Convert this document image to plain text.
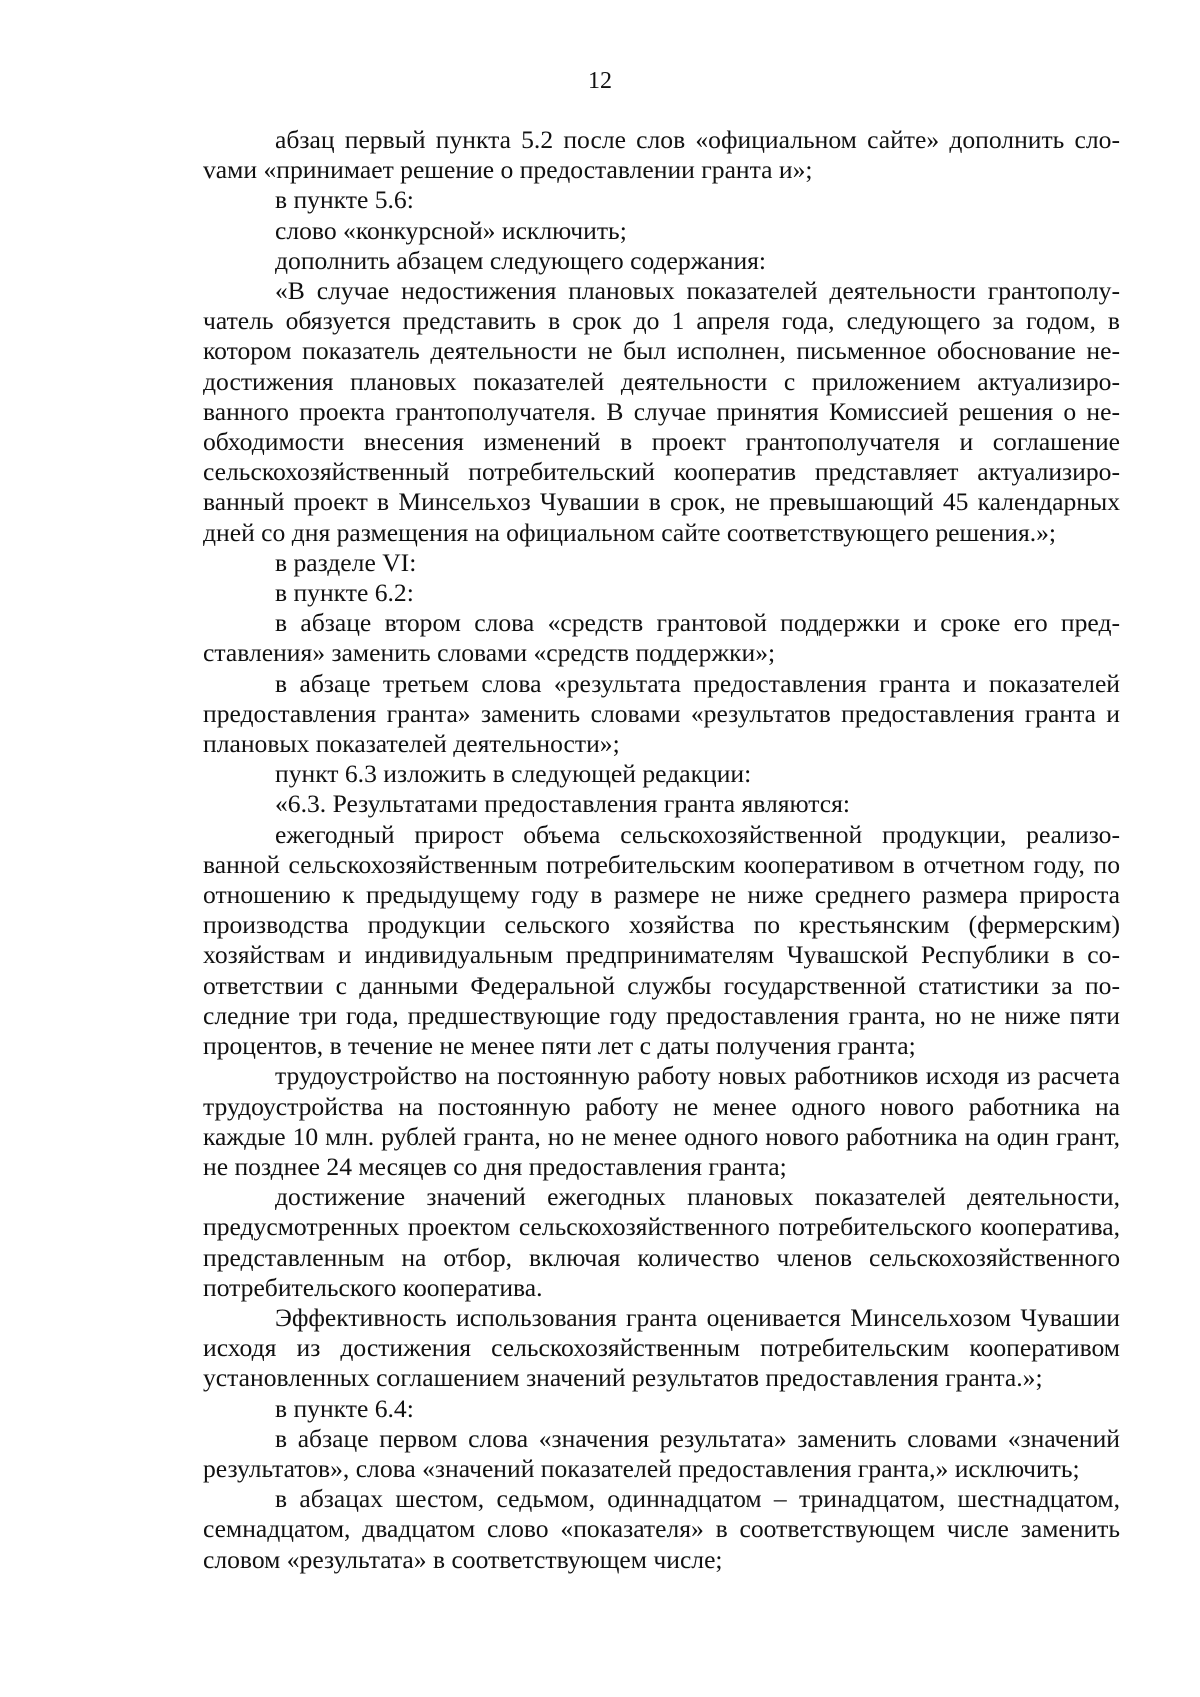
12

абзац первый пункта 5.2 после слов «официальном сайте» дополнить слоvами «принимает решение о предоставлении гранта и»;

в пункте 5.6:

слово «конкурсной» исключить;

дополнить абзацем следующего содержания:

«В случае недостижения плановых показателей деятельности грантополучатель обязуется представить в срок до 1 апреля года, следующего за годом, в котором показатель деятельности не был исполнен, письменное обоснование недостижения плановых показателей деятельности с приложением актуализированного проекта грантополучателя. В случае принятия Комиссией решения о необходимости внесения изменений в проект грантополучателя и соглашение сельскохозяйственный потребительский кооператив представляет актуализированный проект в Минсельхоз Чувашии в срок, не превышающий 45 календарных дней со дня размещения на официальном сайте соответствующего решения.»;

в разделе VI:

в пункте 6.2:

в абзаце втором слова «средств грантовой поддержки и сроке его представления» заменить словами «средств поддержки»;

в абзаце третьем слова «результата предоставления гранта и показателей предоставления гранта» заменить словами «результатов предоставления гранта и плановых показателей деятельности»;

пункт 6.3 изложить в следующей редакции:

«6.3. Результатами предоставления гранта являются:

ежегодный прирост объема сельскохозяйственной продукции, реализованной сельскохозяйственным потребительским кооперативом в отчетном году, по отношению к предыдущему году в размере не ниже среднего размера прироста производства продукции сельского хозяйства по крестьянским (фермерским) хозяйствам и индивидуальным предпринимателям Чувашской Республики в соответствии с данными Федеральной службы государственной статистики за последние три года, предшествующие году предоставления гранта, но не ниже пяти процентов, в течение не менее пяти лет с даты получения гранта;

трудоустройство на постоянную работу новых работников исходя из расчета трудоустройства на постоянную работу не менее одного нового работника на каждые 10 млн. рублей гранта, но не менее одного нового работника на один грант, не позднее 24 месяцев со дня предоставления гранта;

достижение значений ежегодных плановых показателей деятельности, предусмотренных проектом сельскохозяйственного потребительского кооператива, представленным на отбор, включая количество членов сельскохозяйственного потребительского кооператива.

Эффективность использования гранта оценивается Минсельхозом Чувашии исходя из достижения сельскохозяйственным потребительским кооперативом установленных соглашением значений результатов предоставления гранта.»;

в пункте 6.4:

в абзаце первом слова «значения результата» заменить словами «значений результатов», слова «значений показателей предоставления гранта,» исключить;

в абзацах шестом, седьмом, одиннадцатом – тринадцатом, шестнадцатом, семнадцатом, двадцатом слово «показателя» в соответствующем числе заменить словом «результата» в соответствующем числе;
